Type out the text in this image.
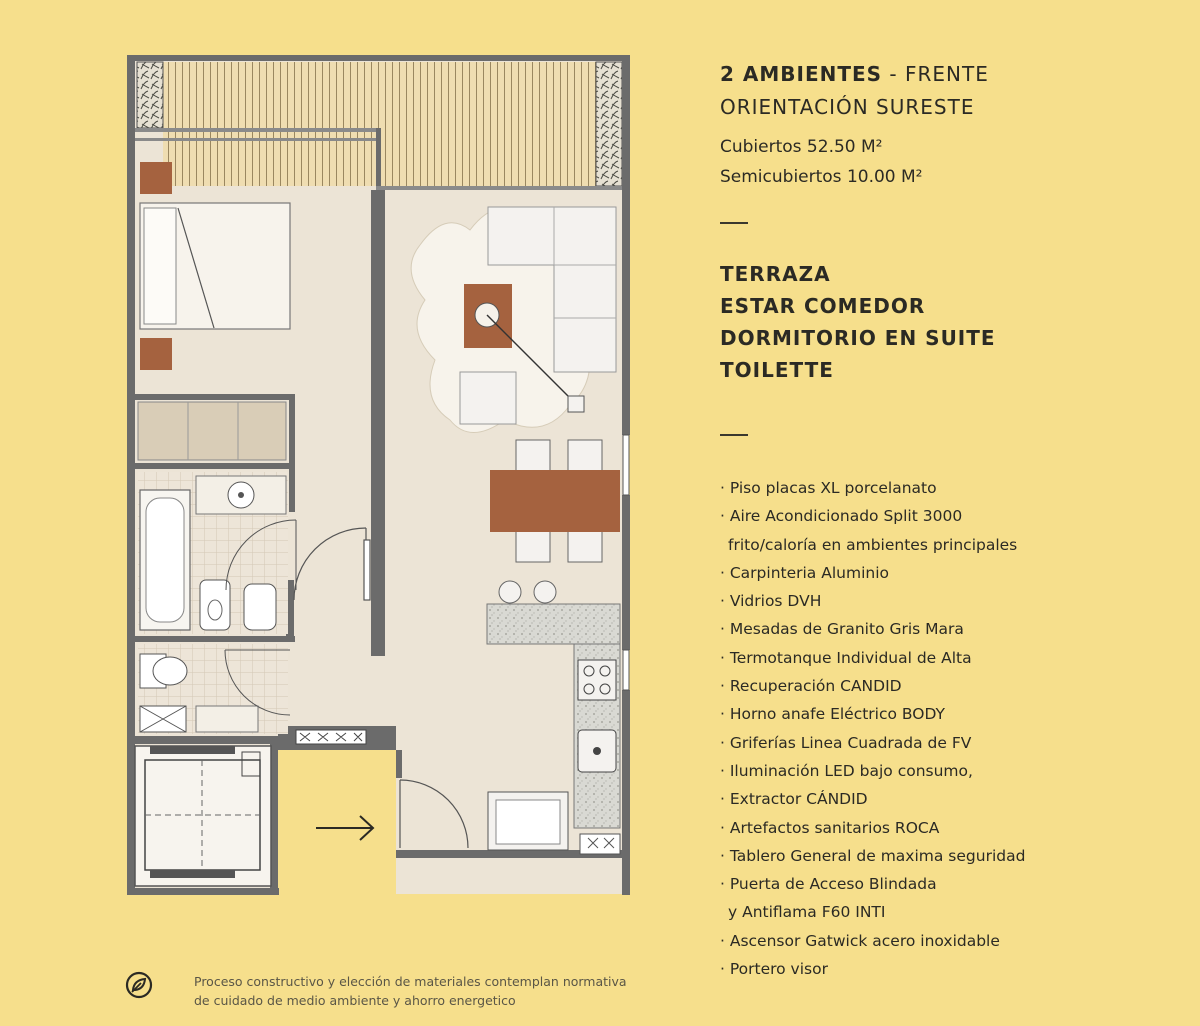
2 AMBIENTES - FRENTE

ORIENTACIÓN SURESTE

Cubiertos 52.50 M²
Semicubiertos 10.00 M²

TERRAZA
ESTAR COMEDOR
DORMITORIO EN SUITE
TOILETTE
· Piso placas XL porcelanato
· Aire Acondicionado Split 3000
frito/caloría en ambientes principales
· Carpinteria Aluminio
· Vidrios DVH
· Mesadas de Granito Gris Mara
· Termotanque Individual de Alta
· Recuperación CANDID
· Horno anafe Eléctrico BODY
· Griferías Linea Cuadrada de FV
· Iluminación LED bajo consumo,
· Extractor CÁNDID
· Artefactos sanitarios ROCA
· Tablero General de maxima seguridad
· Puerta de Acceso Blindada
y Antiflama F60 INTI
· Ascensor Gatwick acero inoxidable
· Portero visor
Proceso constructivo y elección de materiales contemplan normativa
de cuidado de medio ambiente y ahorro energetico
